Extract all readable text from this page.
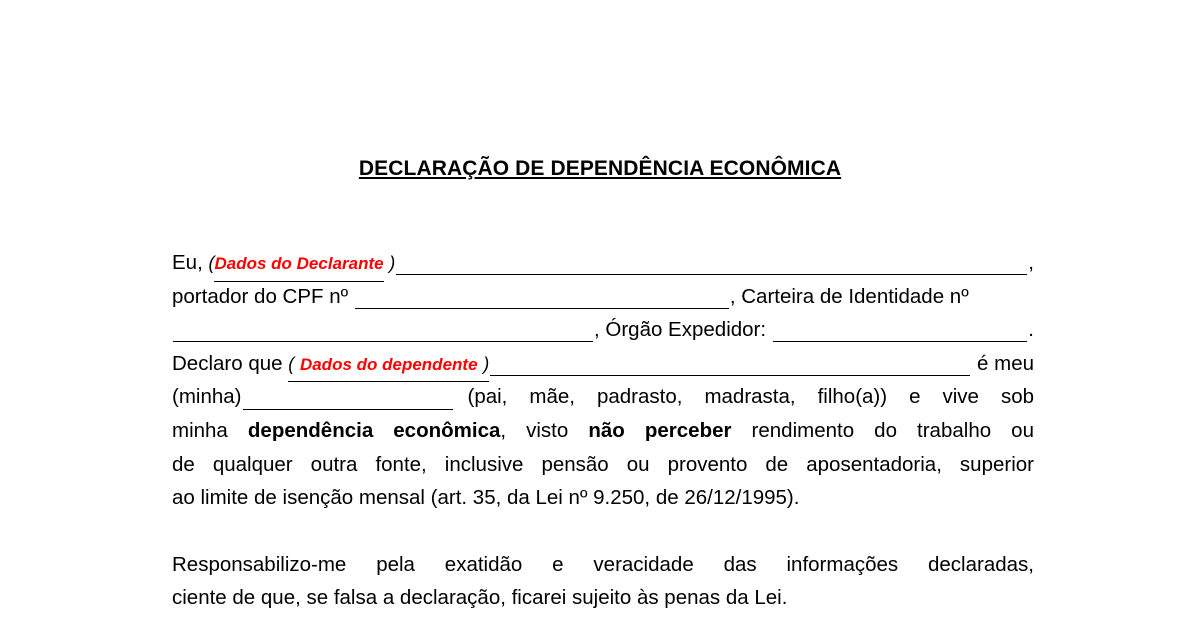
DECLARAÇÃO DE DEPENDÊNCIA ECONÔMICA
Eu,
( Dados do Declarante
)	,
portador do CPF nº
	, Carteira de Identidade nº
, Órgão Expedidor:
	.
Declaro que
(
Dados do dependente
)
	é meu
(minha)	(pai, mãe, padrasto, madrasta, filho(a)) e vive sob
minha dependência econômica, visto não perceber rendimento do trabalho ou
de qualquer outra fonte, inclusive pensão ou provento de aposentadoria, superior
ao limite de isenção mensal (art. 35, da Lei nº 9.250, de 26/12/1995).
Responsabilizo-me pela exatidão e veracidade das informações declaradas,
ciente de que, se falsa a declaração, ficarei sujeito às penas da Lei.
